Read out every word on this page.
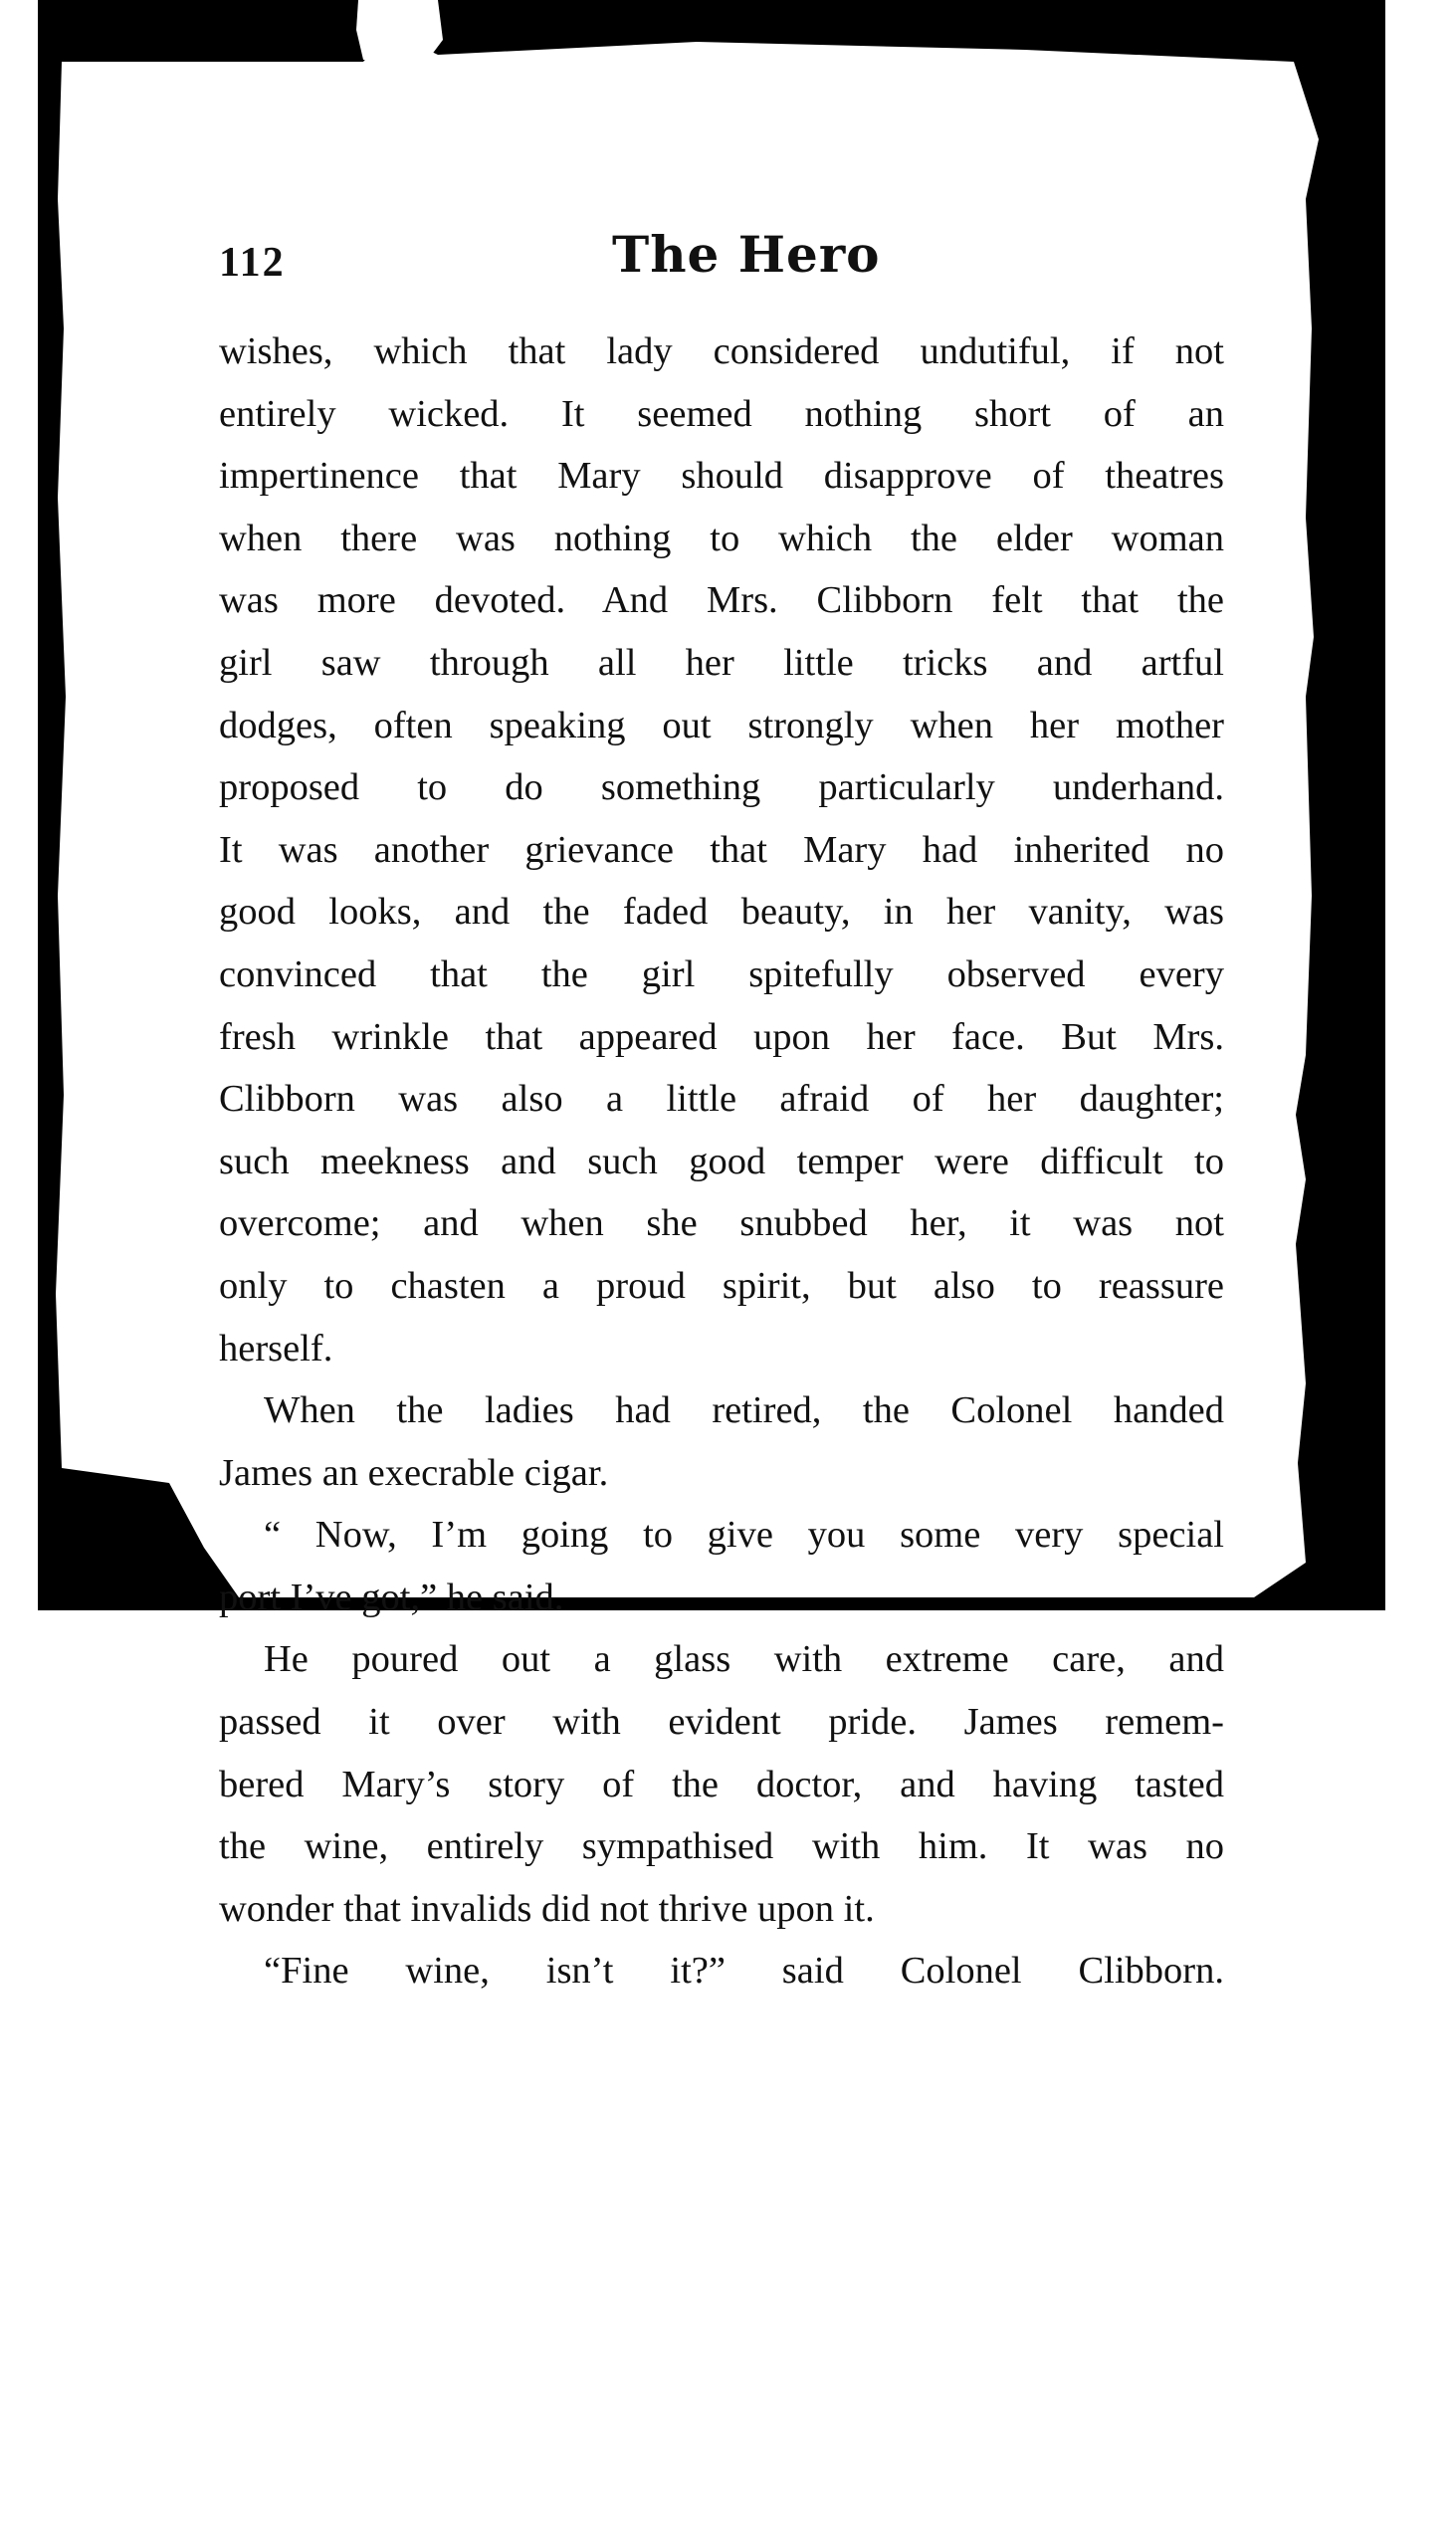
112	The Hero
wishes, which that lady considered undutiful, if not
entirely wicked. It seemed nothing short of an
impertinence that Mary should disapprove of theatres
when there was nothing to which the elder woman
was more devoted. And Mrs. Clibborn felt that the
girl saw through all her little tricks and artful
dodges, often speaking out strongly when her mother
proposed to do something particularly underhand.
It was another grievance that Mary had inherited no
good looks, and the faded beauty, in her vanity, was
convinced that the girl spitefully observed every
fresh wrinkle that appeared upon her face. But Mrs.
Clibborn was also a little afraid of her daughter;
such meekness and such good temper were difficult to
overcome; and when she snubbed her, it was not
only to chasten a proud spirit, but also to reassure
herself.
When the ladies had retired, the Colonel handed
James an execrable cigar.
“ Now, I’m going to give you some very special
port I’ve got,” he said.
He poured out a glass with extreme care, and
passed it over with evident pride. James remem-
bered Mary’s story of the doctor, and having tasted
the wine, entirely sympathised with him. It was no
wonder that invalids did not thrive upon it.
“Fine wine, isn’t it?” said Colonel Clibborn.
